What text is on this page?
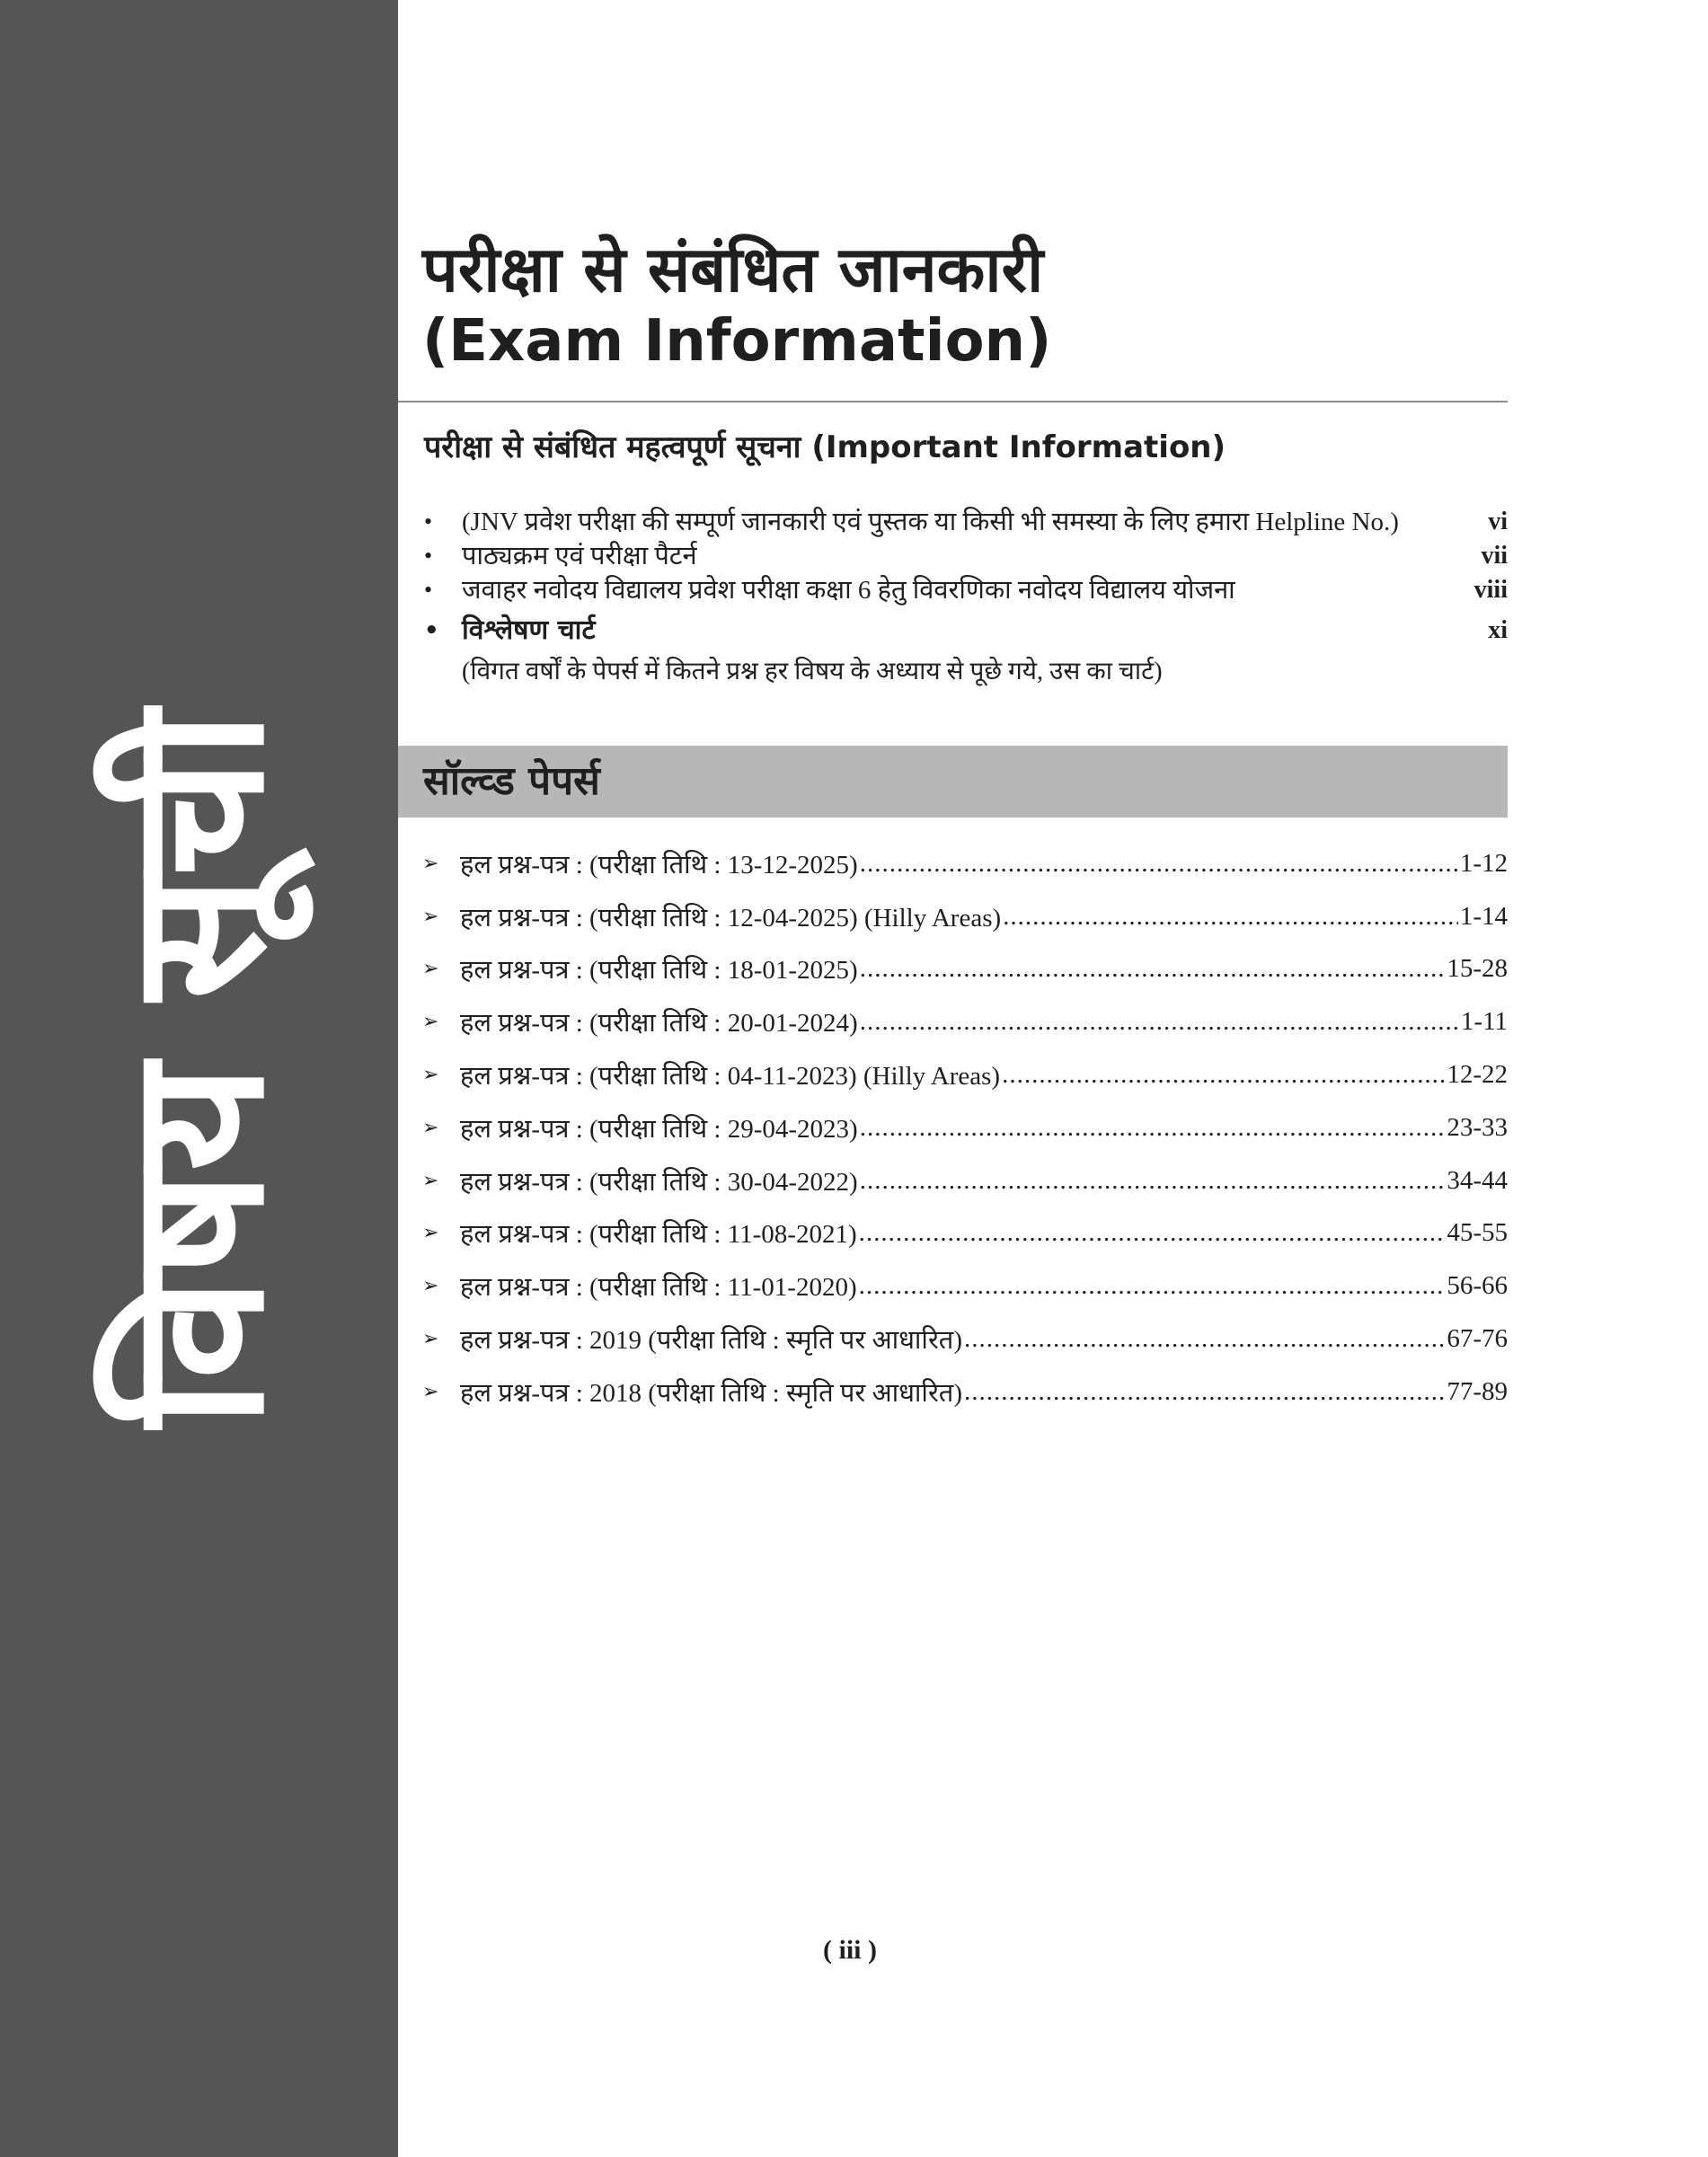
विषय सूची
परीक्षा से संबंधित जानकारी
(Exam Information)
परीक्षा से संबंधित महत्वपूर्ण सूचना (Important Information)
• (JNV प्रवेश परीक्षा की सम्पूर्ण जानकारी एवं पुस्तक या किसी भी समस्या के लिए हमारा Helpline No.)	vi
• पाठ्यक्रम एवं परीक्षा पैटर्न	vii
• जवाहर नवोदय विद्यालय प्रवेश परीक्षा कक्षा 6 हेतु विवरणिका नवोदय विद्यालय योजना	viii
• विश्लेषण चार्ट	xi
(विगत वर्षों के पेपर्स में कितने प्रश्न हर विषय के अध्याय से पूछे गये, उस का चार्ट)
सॉल्व्ड पेपर्स
➢ हल प्रश्न-पत्र : (परीक्षा तिथि : 13-12-2025) .....	1-12
➢ हल प्रश्न-पत्र : (परीक्षा तिथि : 12-04-2025) (Hilly Areas) .....	1-14
➢ हल प्रश्न-पत्र : (परीक्षा तिथि : 18-01-2025) .....	15-28
➢ हल प्रश्न-पत्र : (परीक्षा तिथि : 20-01-2024) .....	1-11
➢ हल प्रश्न-पत्र : (परीक्षा तिथि : 04-11-2023) (Hilly Areas) .....	12-22
➢ हल प्रश्न-पत्र : (परीक्षा तिथि : 29-04-2023) .....	23-33
➢ हल प्रश्न-पत्र : (परीक्षा तिथि : 30-04-2022) .....	34-44
➢ हल प्रश्न-पत्र : (परीक्षा तिथि : 11-08-2021) .....	45-55
➢ हल प्रश्न-पत्र : (परीक्षा तिथि : 11-01-2020) .....	56-66
➢ हल प्रश्न-पत्र : 2019 (परीक्षा तिथि : स्मृति पर आधारित) .....	67-76
➢ हल प्रश्न-पत्र : 2018 (परीक्षा तिथि : स्मृति पर आधारित) .....	77-89
( iii )
